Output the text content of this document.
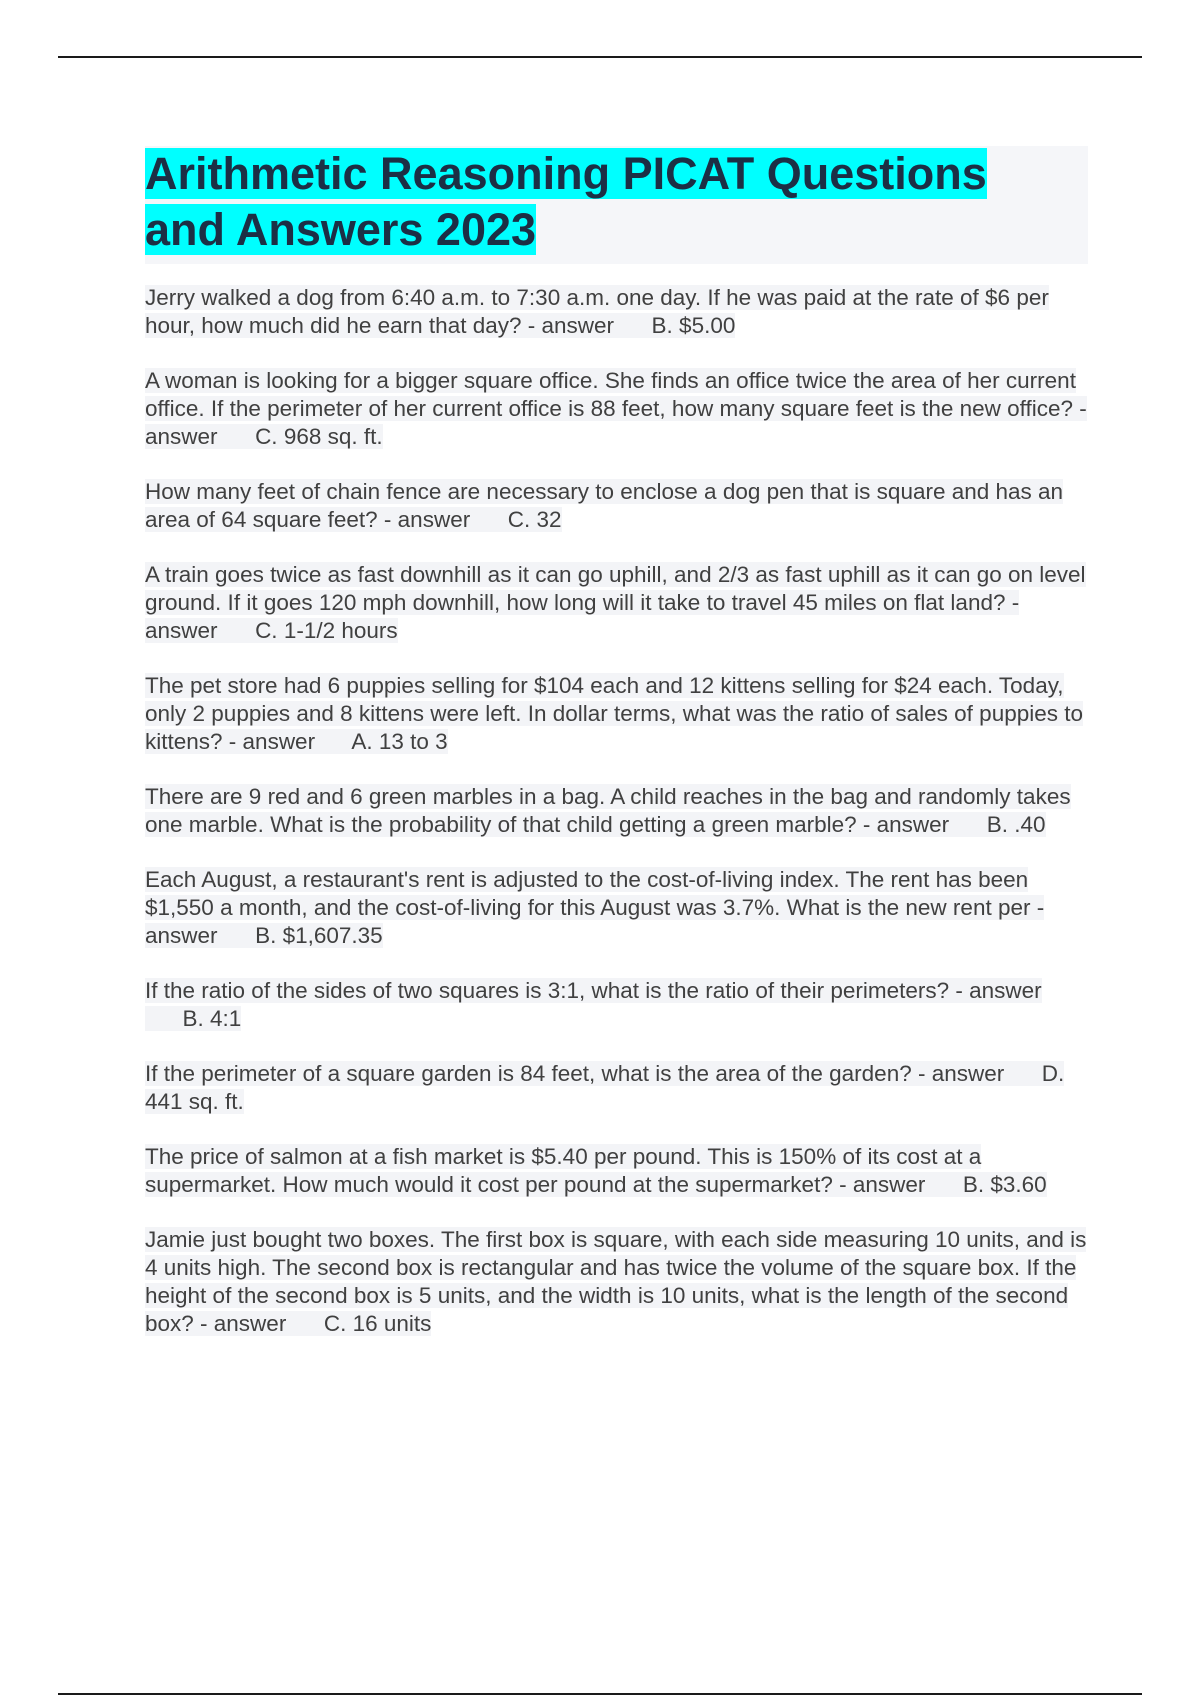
Arithmetic Reasoning PICAT Questions
and Answers 2023

Jerry walked a dog from 6:40 a.m. to 7:30 a.m. one day. If he was paid at the rate of $6 per hour, how much did he earn that day? - answer B. $5.00

A woman is looking for a bigger square office. She finds an office twice the area of her current office. If the perimeter of her current office is 88 feet, how many square feet is the new office? - answer C. 968 sq. ft.

How many feet of chain fence are necessary to enclose a dog pen that is square and has an area of 64 square feet? - answer C. 32

A train goes twice as fast downhill as it can go uphill, and 2/3 as fast uphill as it can go on level ground. If it goes 120 mph downhill, how long will it take to travel 45 miles on flat land? - answer C. 1-1/2 hours

The pet store had 6 puppies selling for $104 each and 12 kittens selling for $24 each. Today, only 2 puppies and 8 kittens were left. In dollar terms, what was the ratio of sales of puppies to kittens? - answer A. 13 to 3

There are 9 red and 6 green marbles in a bag. A child reaches in the bag and randomly takes one marble. What is the probability of that child getting a green marble? - answer B. .40

Each August, a restaurant's rent is adjusted to the cost-of-living index. The rent has been $1,550 a month, and the cost-of-living for this August was 3.7%. What is the new rent per - answer B. $1,607.35

If the ratio of the sides of two squares is 3:1, what is the ratio of their perimeters? - answer      B. 4:1

If the perimeter of a square garden is 84 feet, what is the area of the garden? - answer D. 441 sq. ft.

The price of salmon at a fish market is $5.40 per pound. This is 150% of its cost at a supermarket. How much would it cost per pound at the supermarket? - answer B. $3.60

Jamie just bought two boxes. The first box is square, with each side measuring 10 units, and is 4 units high. The second box is rectangular and has twice the volume of the square box. If the height of the second box is 5 units, and the width is 10 units, what is the length of the second box? - answer C. 16 units
